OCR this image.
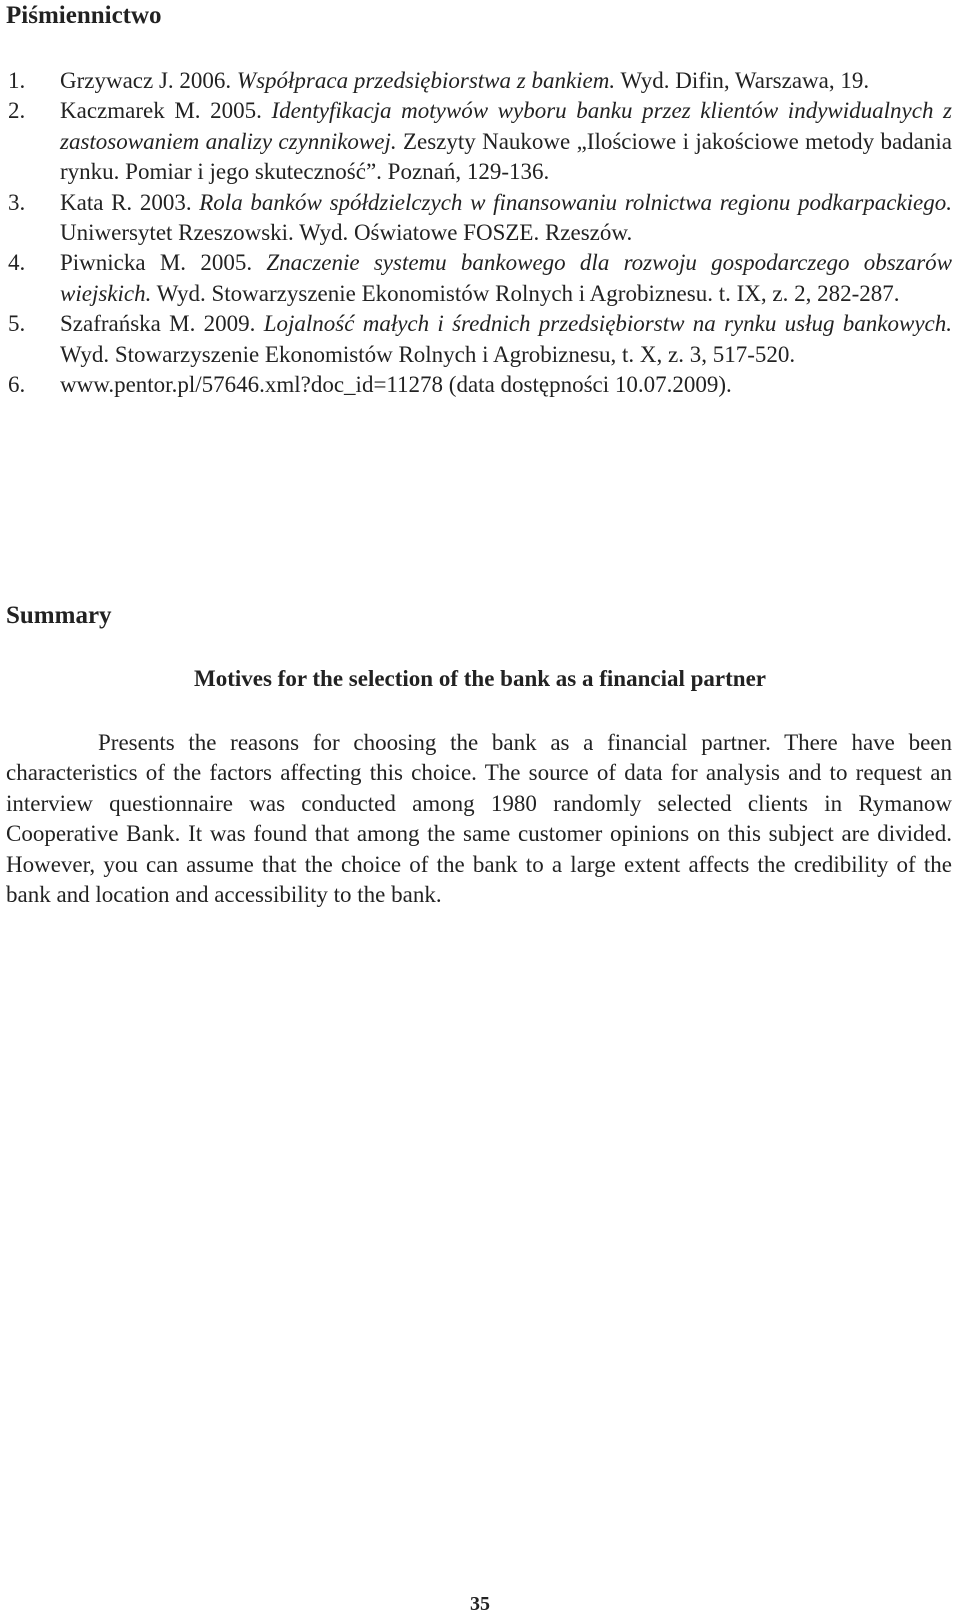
Piśmiennictwo
1. Grzywacz J. 2006. Współpraca przedsiębiorstwa z bankiem. Wyd. Difin, Warszawa, 19.
2. Kaczmarek M. 2005. Identyfikacja motywów wyboru banku przez klientów indywidualnych z zastosowaniem analizy czynnikowej. Zeszyty Naukowe „Ilościowe i jakościowe metody badania rynku. Pomiar i jego skuteczność”. Poznań, 129-136.
3. Kata R. 2003. Rola banków spółdzielczych w finansowaniu rolnictwa regionu podkarpackiego. Uniwersytet Rzeszowski. Wyd. Oświatowe FOSZE. Rzeszów.
4. Piwnicka M. 2005. Znaczenie systemu bankowego dla rozwoju gospodarczego obszarów wiejskich. Wyd. Stowarzyszenie Ekonomistów Rolnych i Agrobiznesu. t. IX, z. 2, 282-287.
5. Szafrańska M. 2009. Lojalność małych i średnich przedsiębiorstw na rynku usług bankowych. Wyd. Stowarzyszenie Ekonomistów Rolnych i Agrobiznesu, t. X, z. 3, 517-520.
6. www.pentor.pl/57646.xml?doc_id=11278 (data dostępności 10.07.2009).
Summary
Motives for the selection of the bank as a financial partner

Presents the reasons for choosing the bank as a financial partner. There have been characteristics of the factors affecting this choice. The source of data for analysis and to request an interview questionnaire was conducted among 1980 randomly selected clients in Rymanow Cooperative Bank. It was found that among the same customer opinions on this subject are divided. However, you can assume that the choice of the bank to a large extent affects the credibility of the bank and location and accessibility to the bank.

35
